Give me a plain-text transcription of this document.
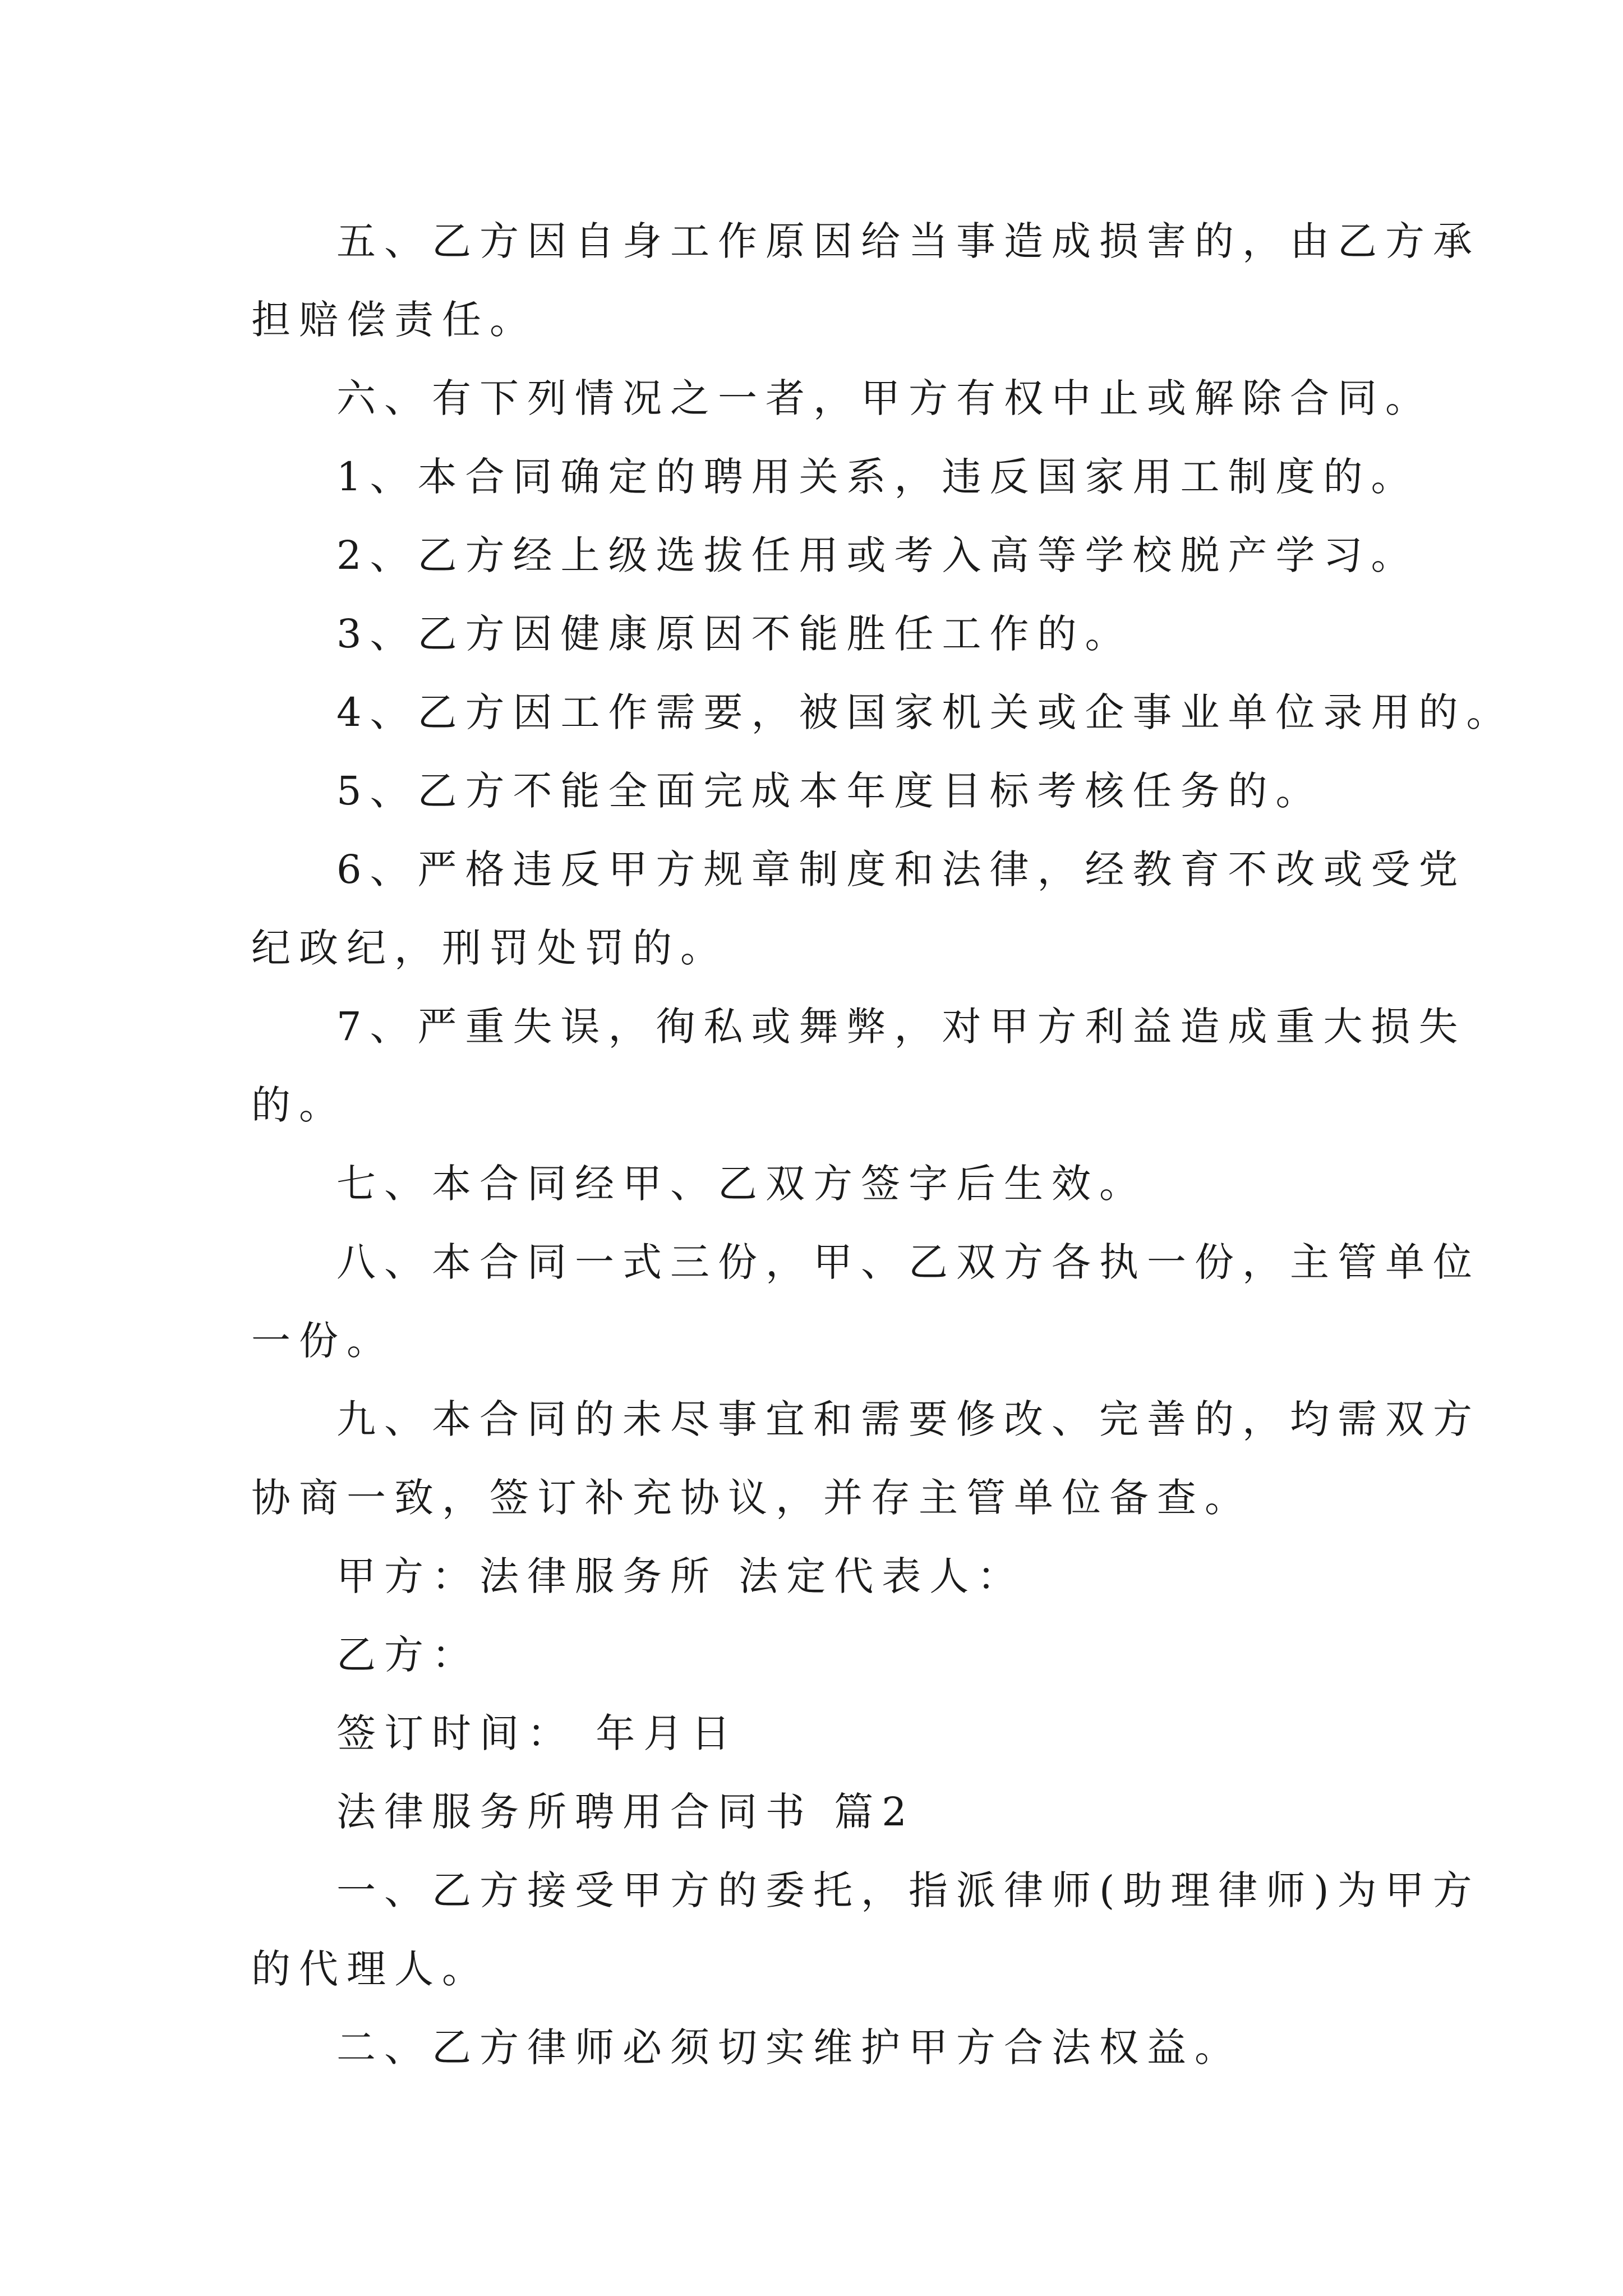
五、乙方因自身工作原因给当事造成损害的，由乙方承
担赔偿责任。
六、有下列情况之一者，甲方有权中止或解除合同。
1、本合同确定的聘用关系，违反国家用工制度的。
2、乙方经上级选拔任用或考入高等学校脱产学习。
3、乙方因健康原因不能胜任工作的。
4、乙方因工作需要，被国家机关或企事业单位录用的。
5、乙方不能全面完成本年度目标考核任务的。
6、严格违反甲方规章制度和法律，经教育不改或受党
纪政纪，刑罚处罚的。
7、严重失误，徇私或舞弊，对甲方利益造成重大损失
的。
七、本合同经甲、乙双方签字后生效。
八、本合同一式三份，甲、乙双方各执一份，主管单位
一份。
九、本合同的未尽事宜和需要修改、完善的，均需双方
协商一致，签订补充协议，并存主管单位备查。
甲方：法律服务所 法定代表人：
乙方：
签订时间： 年月日
法律服务所聘用合同书 篇2
一、乙方接受甲方的委托，指派律师(助理律师)为甲方
的代理人。
二、乙方律师必须切实维护甲方合法权益。
